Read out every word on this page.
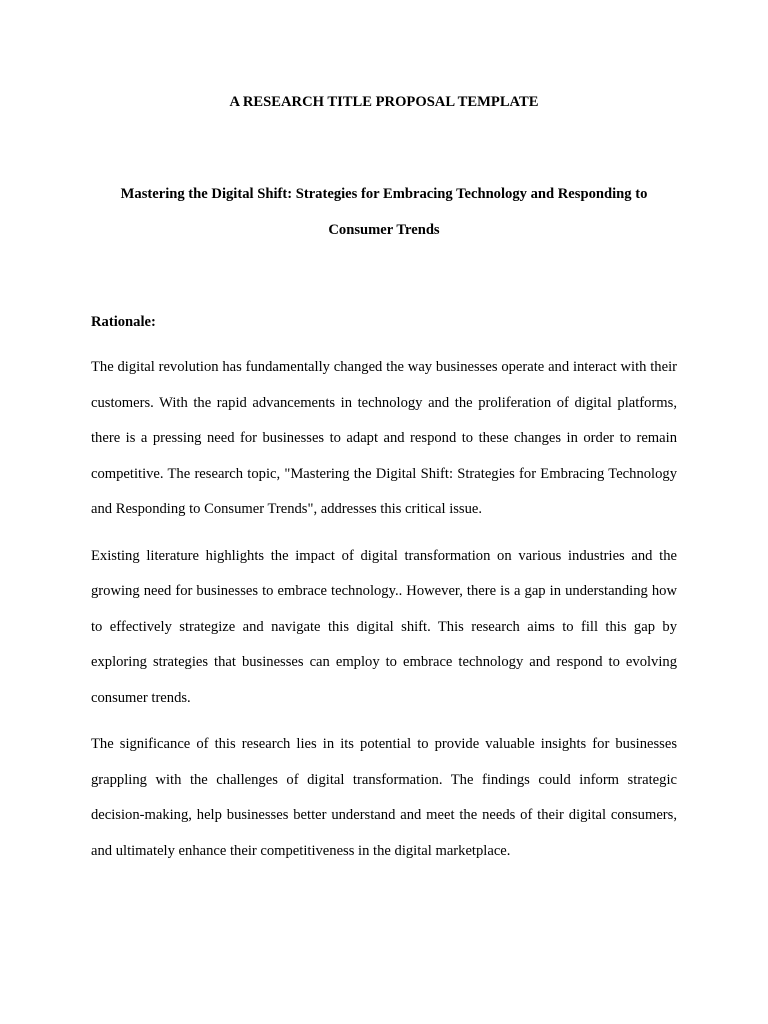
A RESEARCH TITLE PROPOSAL TEMPLATE
Mastering the Digital Shift: Strategies for Embracing Technology and Responding to Consumer Trends
Rationale:

The digital revolution has fundamentally changed the way businesses operate and interact with their customers. With the rapid advancements in technology and the proliferation of digital platforms, there is a pressing need for businesses to adapt and respond to these changes in order to remain competitive. The research topic, "Mastering the Digital Shift: Strategies for Embracing Technology and Responding to Consumer Trends", addresses this critical issue.

Existing literature highlights the impact of digital transformation on various industries and the growing need for businesses to embrace technology.. However, there is a gap in understanding how to effectively strategize and navigate this digital shift. This research aims to fill this gap by exploring strategies that businesses can employ to embrace technology and respond to evolving consumer trends.

The significance of this research lies in its potential to provide valuable insights for businesses grappling with the challenges of digital transformation. The findings could inform strategic decision-making, help businesses better understand and meet the needs of their digital consumers, and ultimately enhance their competitiveness in the digital marketplace.
